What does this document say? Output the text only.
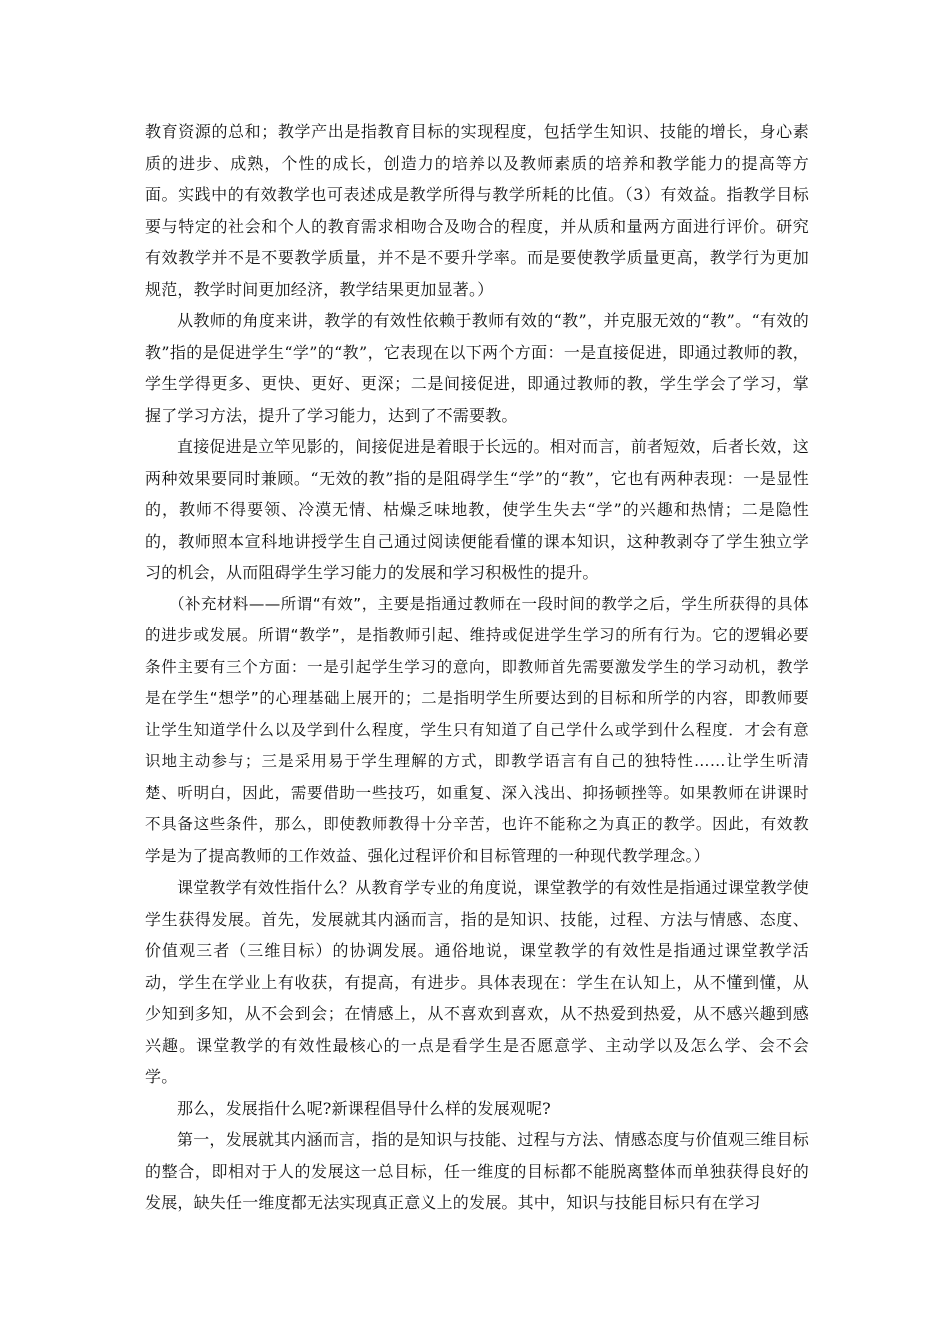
教育资源的总和；教学产出是指教育目标的实现程度，包括学生知识、技能的增长，身心素质的进步、成熟，个性的成长，创造力的培养以及教师素质的培养和教学能力的提高等方面。实践中的有效教学也可表述成是教学所得与教学所耗的比值。（3）有效益。指教学目标要与特定的社会和个人的教育需求相吻合及吻合的程度，并从质和量两方面进行评价。研究有效教学并不是不要教学质量，并不是不要升学率。而是要使教学质量更高，教学行为更加规范，教学时间更加经济，教学结果更加显著。）

从教师的角度来讲，教学的有效性依赖于教师有效的“教”，并克服无效的“教”。“有效的教”指的是促进学生“学”的“教”，它表现在以下两个方面：一是直接促进，即通过教师的教，学生学得更多、更快、更好、更深；二是间接促进，即通过教师的教，学生学会了学习，掌握了学习方法，提升了学习能力，达到了不需要教。

直接促进是立竿见影的，间接促进是着眼于长远的。相对而言，前者短效，后者长效，这两种效果要同时兼顾。“无效的教”指的是阻碍学生“学”的“教”，它也有两种表现：一是显性的，教师不得要领、冷漠无情、枯燥乏味地教，使学生失去“学”的兴趣和热情；二是隐性的，教师照本宣科地讲授学生自己通过阅读便能看懂的课本知识，这种教剥夺了学生独立学习的机会，从而阻碍学生学习能力的发展和学习积极性的提升。

（补充材料——所谓“有效”，主要是指通过教师在一段时间的教学之后，学生所获得的具体的进步或发展。所谓“教学”，是指教师引起、维持或促进学生学习的所有行为。它的逻辑必要条件主要有三个方面：一是引起学生学习的意向，即教师首先需要激发学生的学习动机，教学是在学生“想学”的心理基础上展开的；二是指明学生所要达到的目标和所学的内容，即教师要让学生知道学什么以及学到什么程度，学生只有知道了自己学什么或学到什么程度．才会有意识地主动参与；三是采用易于学生理解的方式，即教学语言有自己的独特性……让学生听清楚、听明白，因此，需要借助一些技巧，如重复、深入浅出、抑扬顿挫等。如果教师在讲课时不具备这些条件，那么，即使教师教得十分辛苦，也许不能称之为真正的教学。因此，有效教学是为了提高教师的工作效益、强化过程评价和目标管理的一种现代教学理念。）

课堂教学有效性指什么？从教育学专业的角度说，课堂教学的有效性是指通过课堂教学使学生获得发展。首先，发展就其内涵而言，指的是知识、技能，过程、方法与情感、态度、价值观三者（三维目标）的协调发展。通俗地说，课堂教学的有效性是指通过课堂教学活动，学生在学业上有收获，有提高，有进步。具体表现在：学生在认知上，从不懂到懂，从少知到多知，从不会到会；在情感上，从不喜欢到喜欢，从不热爱到热爱，从不感兴趣到感兴趣。课堂教学的有效性最核心的一点是看学生是否愿意学、主动学以及怎么学、会不会学。

那么，发展指什么呢?新课程倡导什么样的发展观呢?

第一，发展就其内涵而言，指的是知识与技能、过程与方法、情感态度与价值观三维目标的整合，即相对于人的发展这一总目标，任一维度的目标都不能脱离整体而单独获得良好的发展，缺失任一维度都无法实现真正意义上的发展。其中，知识与技能目标只有在学习
